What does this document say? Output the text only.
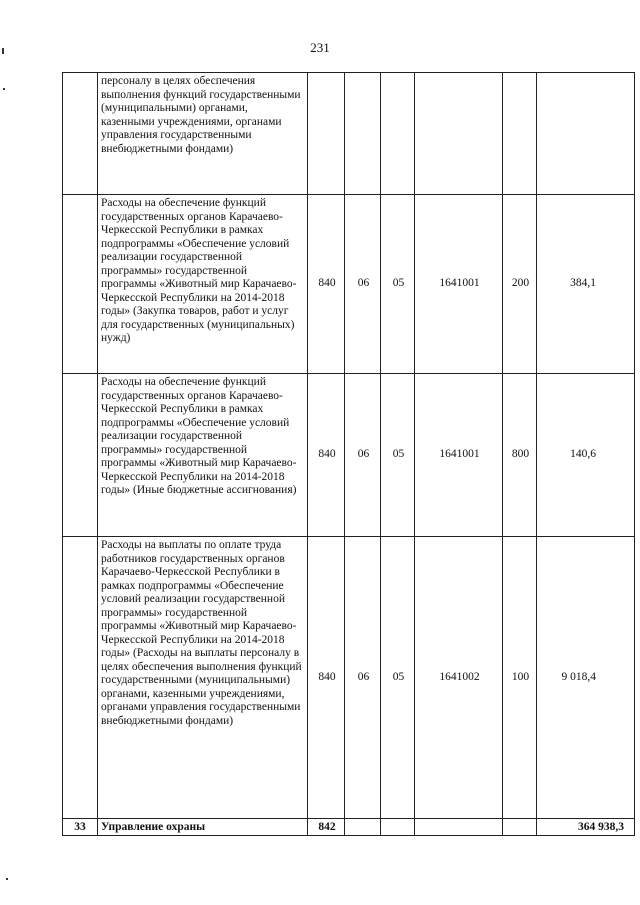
231
	персоналу в целях обеспечения выполнения функций государственными (муниципальными) органами, казенными учреждениями, органами управления государственными внебюджетными фондами)						
	Расходы на обеспечение функций государственных органов Карачаево-Черкесской Республики в рамках подпрограммы «Обеспечение условий реализации государственной программы» государственной программы «Животный мир Карачаево-Черкесской Республики на 2014-2018 годы» (Закупка товаров, работ и услуг для государственных (муниципальных) нужд)	840	06	05	1641001	200	384,1
	Расходы на обеспечение функций государственных органов Карачаево-Черкесской Республики в рамках подпрограммы «Обеспечение условий реализации государственной программы» государственной программы «Животный мир Карачаево-Черкесской Республики на 2014-2018 годы» (Иные бюджетные ассигнования)	840	06	05	1641001	800	140,6
	Расходы на выплаты по оплате труда работников государственных органов Карачаево-Черкесской Республики в рамках подпрограммы «Обеспечение условий реализации государственной программы» государственной программы «Животный мир Карачаево-Черкесской Республики на 2014-2018 годы» (Расходы на выплаты персоналу в целях обеспечения выполнения функций государственными (муниципальными) органами, казенными учреждениями, органами управления государственными внебюджетными фондами)	840	06	05	1641002	100	9 018,4
33	Управление охраны	842					364 938,3
